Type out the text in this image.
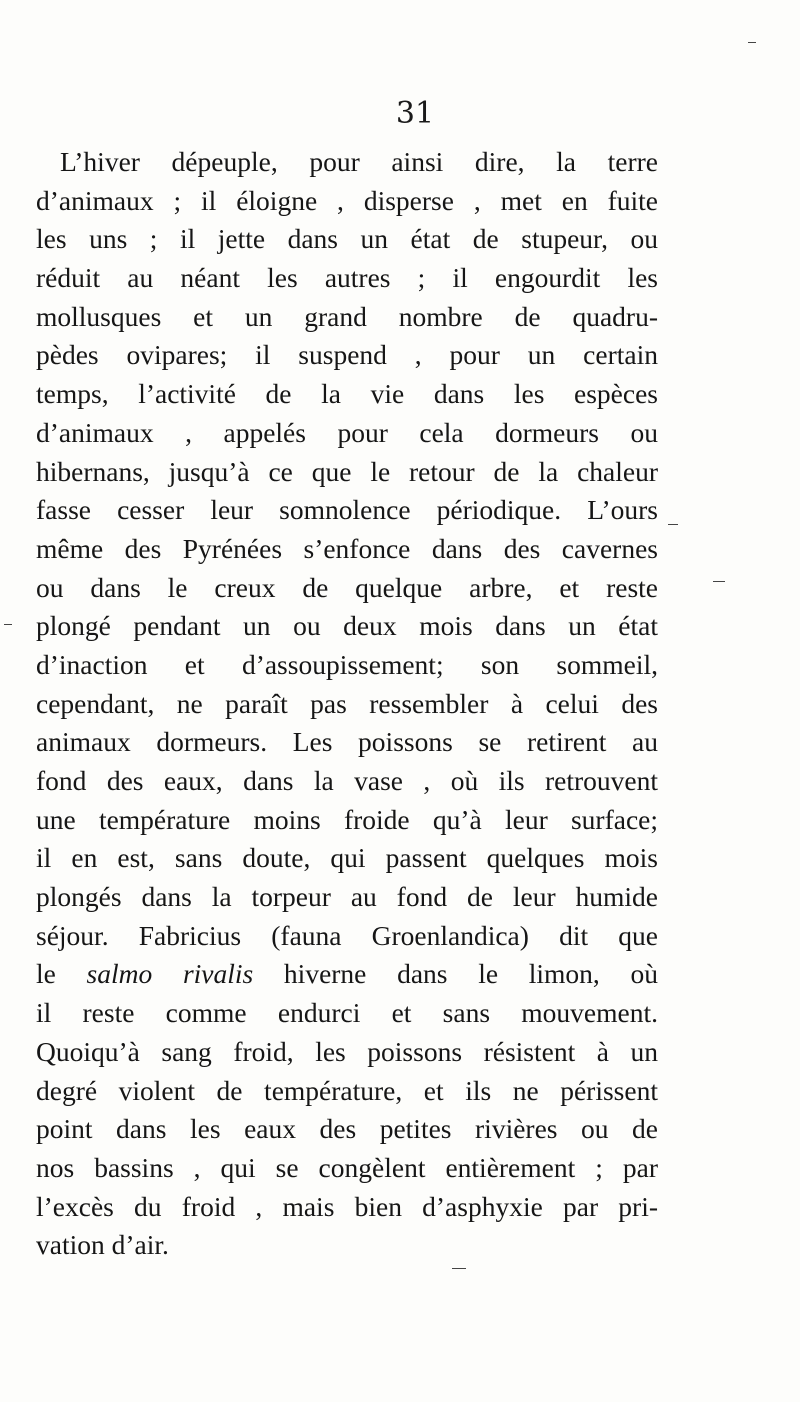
31
L’hiver dépeuple, pour ainsi dire, la terre
d’animaux ; il éloigne , disperse , met en fuite
les uns ; il jette dans un état de stupeur, ou
réduit au néant les autres ; il engourdit les
mollusques et un grand nombre de quadru-
pèdes ovipares; il suspend , pour un certain
temps, l’activité de la vie dans les espèces
d’animaux , appelés pour cela dormeurs ou
hibernans, jusqu’à ce que le retour de la chaleur
fasse cesser leur somnolence périodique. L’ours
même des Pyrénées s’enfonce dans des cavernes
ou dans le creux de quelque arbre, et reste
plongé pendant un ou deux mois dans un état
d’inaction et d’assoupissement; son sommeil,
cependant, ne paraît pas ressembler à celui des
animaux dormeurs. Les poissons se retirent au
fond des eaux, dans la vase , où ils retrouvent
une température moins froide qu’à leur surface;
il en est, sans doute, qui passent quelques mois
plongés dans la torpeur au fond de leur humide
séjour. Fabricius (fauna Groenlandica) dit que
le salmo rivalis hiverne dans le limon, où
il reste comme endurci et sans mouvement.
Quoiqu’à sang froid, les poissons résistent à un
degré violent de température, et ils ne périssent
point dans les eaux des petites rivières ou de
nos bassins , qui se congèlent entièrement ; par
l’excès du froid , mais bien d’asphyxie par pri-
vation d’air.
